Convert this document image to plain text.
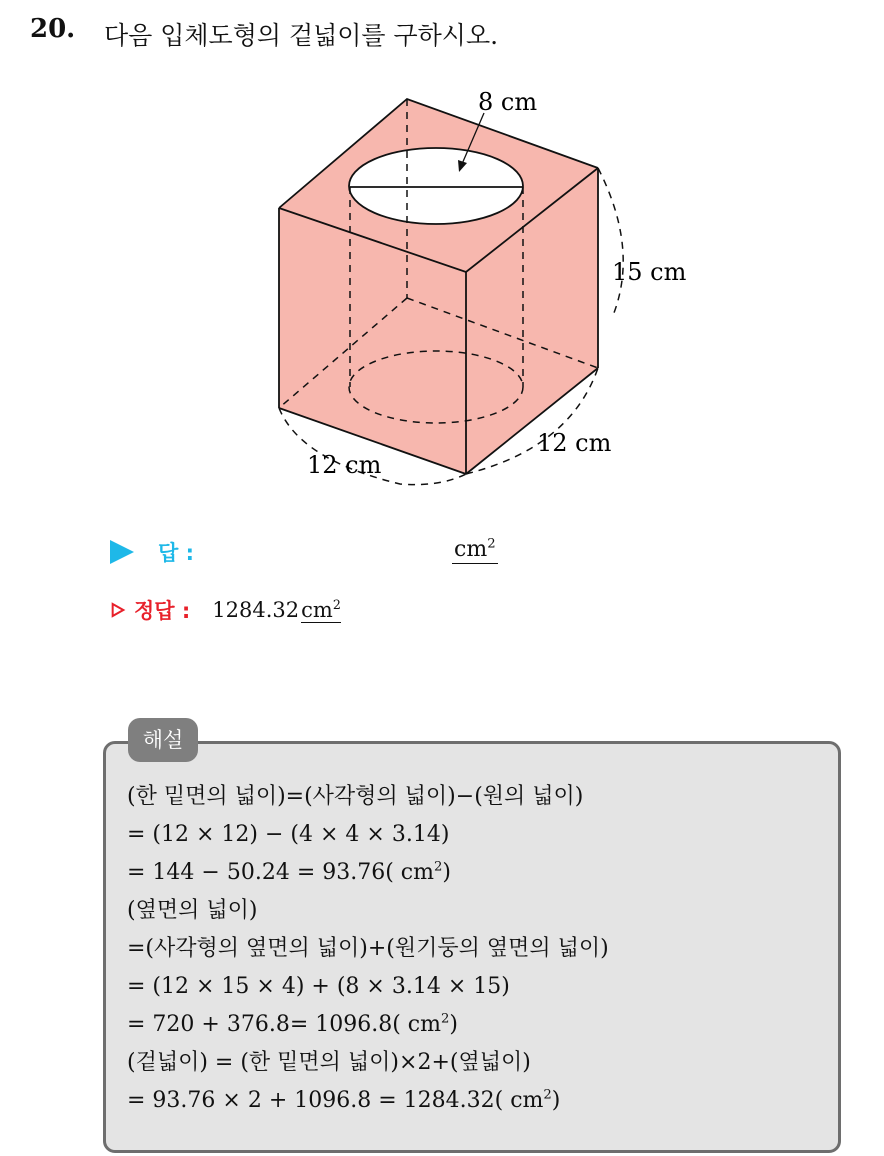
20. 다음 입체도형의 겉넓이를 구하시오.
8 cm
15 cm
12 cm
12 cm
답 :	$cm^2$
정답 : 1284.32 $cm^2$
해설
(한 밑면의 넓이)=(사각형의 넓이)−(원의 넓이)
= (12 × 12) − (4 × 4 × 3.14)
= 144 − 50.24 = 93.76( $cm^2$)
(옆면의 넓이)
=(사각형의 옆면의 넓이)+(원기둥의 옆면의 넓이)
= (12 × 15 × 4) + (8 × 3.14 × 15)
= 720 + 376.8= 1096.8( $cm^2$)
(겉넓이) = (한 밑면의 넓이)×2+(옆넓이)
= 93.76 × 2 + 1096.8 = 1284.32( $cm^2$)
